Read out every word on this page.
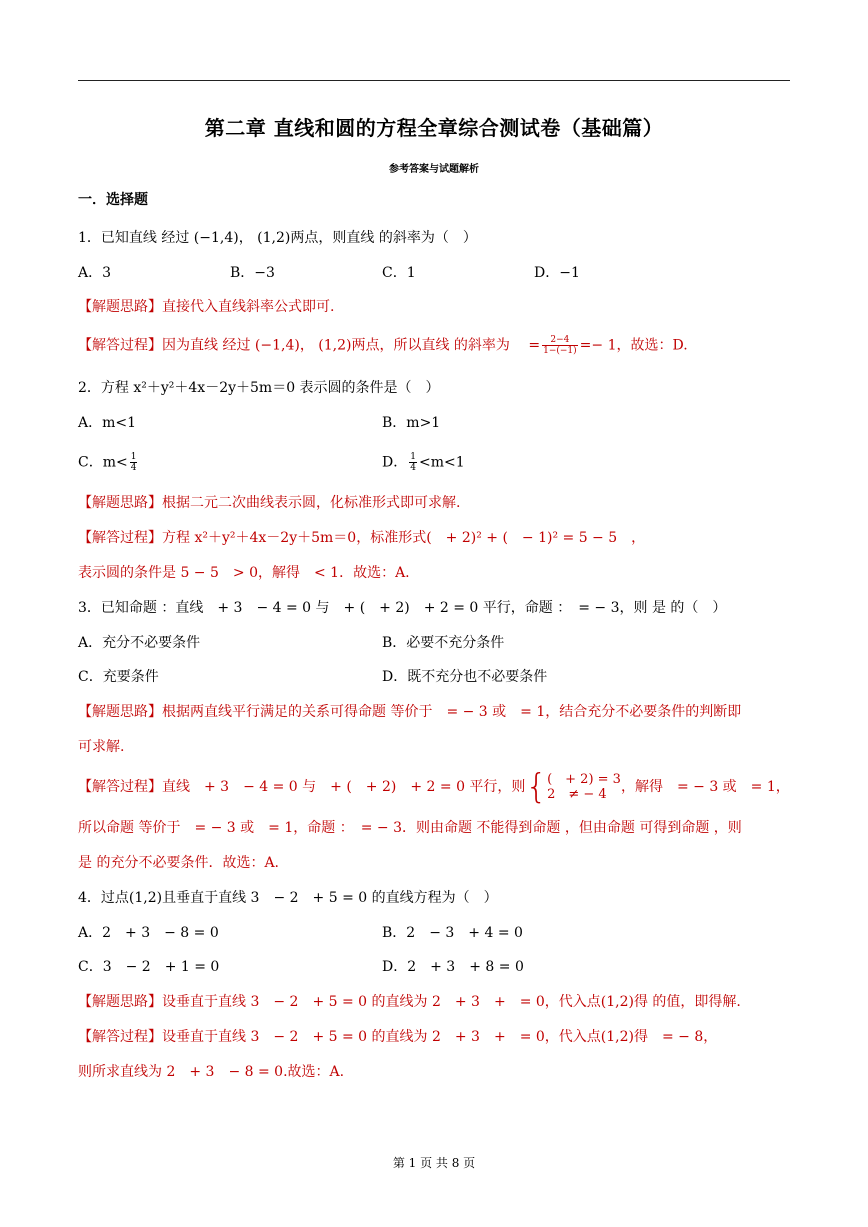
第二章 直线和圆的方程全章综合测试卷（基础篇）
参考答案与试题解析
一．选择题
1．已知直线 经过 (−1,4)， (1,2)两点，则直线 的斜率为（　）
A．3	B．−3	C．1	D．−1
【解题思路】直接代入直线斜率公式即可.
【解答过程】因为直线 经过 (−1,4)， (1,2)两点，所以直线 的斜率为　 = $\frac{2-4}{1-(-1)} =- 1$，故选：D.
2．方程 x²＋y²＋4x－2y＋5m＝0 表示圆的条件是（　）
A．m<1	B．m>1
C．$m< \frac{1}{4}$	D． $\frac{1}{4} <m<1$
【解题思路】根据二元二次曲线表示圆，化标准形式即可求解.
【解答过程】方程 x²＋y²＋4x－2y＋5m＝0，标准形式(　+ 2)² + (　− 1)² = 5 − 5　，
表示圆的条件是 5 − 5　> 0，解得　< 1．故选：A.
3．已知命题 ：直线　+ 3　− 4 = 0 与　+ (　+ 2)　+ 2 = 0 平行，命题 ：　= − 3，则 是 的（　）
A．充分不必要条件	B．必要不充分条件
C．充要条件	D．既不充分也不必要条件
【解题思路】根据两直线平行满足的关系可得命题 等价于　= − 3 或　= 1，结合充分不必要条件的判断即
可求解.
【解答过程】直线　+ 3　− 4 = 0 与　+ (　+ 2)　+ 2 = 0 平行，则{ (　+ 2) = 3
2　≠ − 4	，解得　= − 3 或　= 1，
所以命题 等价于　= − 3 或　= 1，命题 ：　= − 3．则由命题 不能得到命题 ，但由命题 可得到命题 ，则
是 的充分不必要条件．故选：A.
4．过点(1,2)且垂直于直线 3　− 2　+ 5 = 0 的直线方程为（　）
A．2　+ 3　− 8 = 0	B．2　− 3　+ 4 = 0
C．3　− 2　+ 1 = 0	D．2　+ 3　+ 8 = 0
【解题思路】设垂直于直线 3　− 2　+ 5 = 0 的直线为 2　+ 3　+　= 0，代入点(1,2)得 的值，即得解.
【解答过程】设垂直于直线 3　− 2　+ 5 = 0 的直线为 2　+ 3　+　= 0，代入点(1,2)得　= − 8，
则所求直线为 2　+ 3　− 8 = 0.故选：A.
第 1 页 共 8 页
